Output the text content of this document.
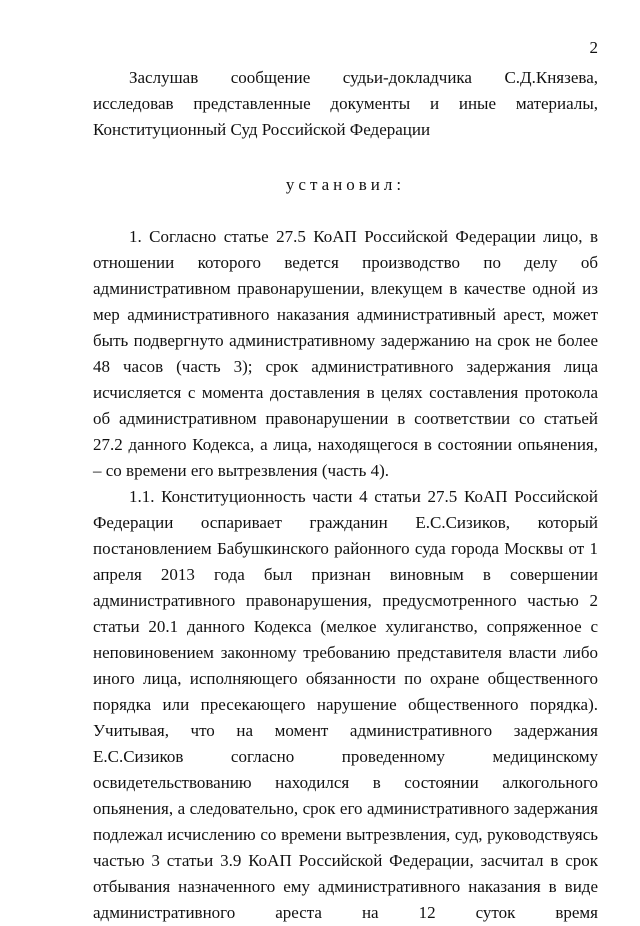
2

Заслушав сообщение судьи-докладчика С.Д.Князева, исследовав представленные документы и иные материалы, Конституционный Суд Российской Федерации

установил:

1. Согласно статье 27.5 КоАП Российской Федерации лицо, в отношении которого ведется производство по делу об административном правонарушении, влекущем в качестве одной из мер административного наказания административный арест, может быть подвергнуто административному задержанию на срок не более 48 часов (часть 3); срок административного задержания лица исчисляется с момента доставления в целях составления протокола об административном правонарушении в соответствии со статьей 27.2 данного Кодекса, а лица, находящегося в состоянии опьянения, – со времени его вытрезвления (часть 4).

1.1. Конституционность части 4 статьи 27.5 КоАП Российской Федерации оспаривает гражданин Е.С.Сизиков, который постановлением Бабушкинского районного суда города Москвы от 1 апреля 2013 года был признан виновным в совершении административного правонарушения, предусмотренного частью 2 статьи 20.1 данного Кодекса (мелкое хулиганство, сопряженное с неповиновением законному требованию представителя власти либо иного лица, исполняющего обязанности по охране общественного порядка или пресекающего нарушение общественного порядка). Учитывая, что на момент административного задержания Е.С.Сизиков согласно проведенному медицинскому освидетельствованию находился в состоянии алкогольного опьянения, а следовательно, срок его административного задержания подлежал исчислению со времени вытрезвления, суд, руководствуясь частью 3 статьи 3.9 КоАП Российской Федерации, засчитал в срок отбывания назначенного ему административного наказания в виде административного ареста на 12 суток время
